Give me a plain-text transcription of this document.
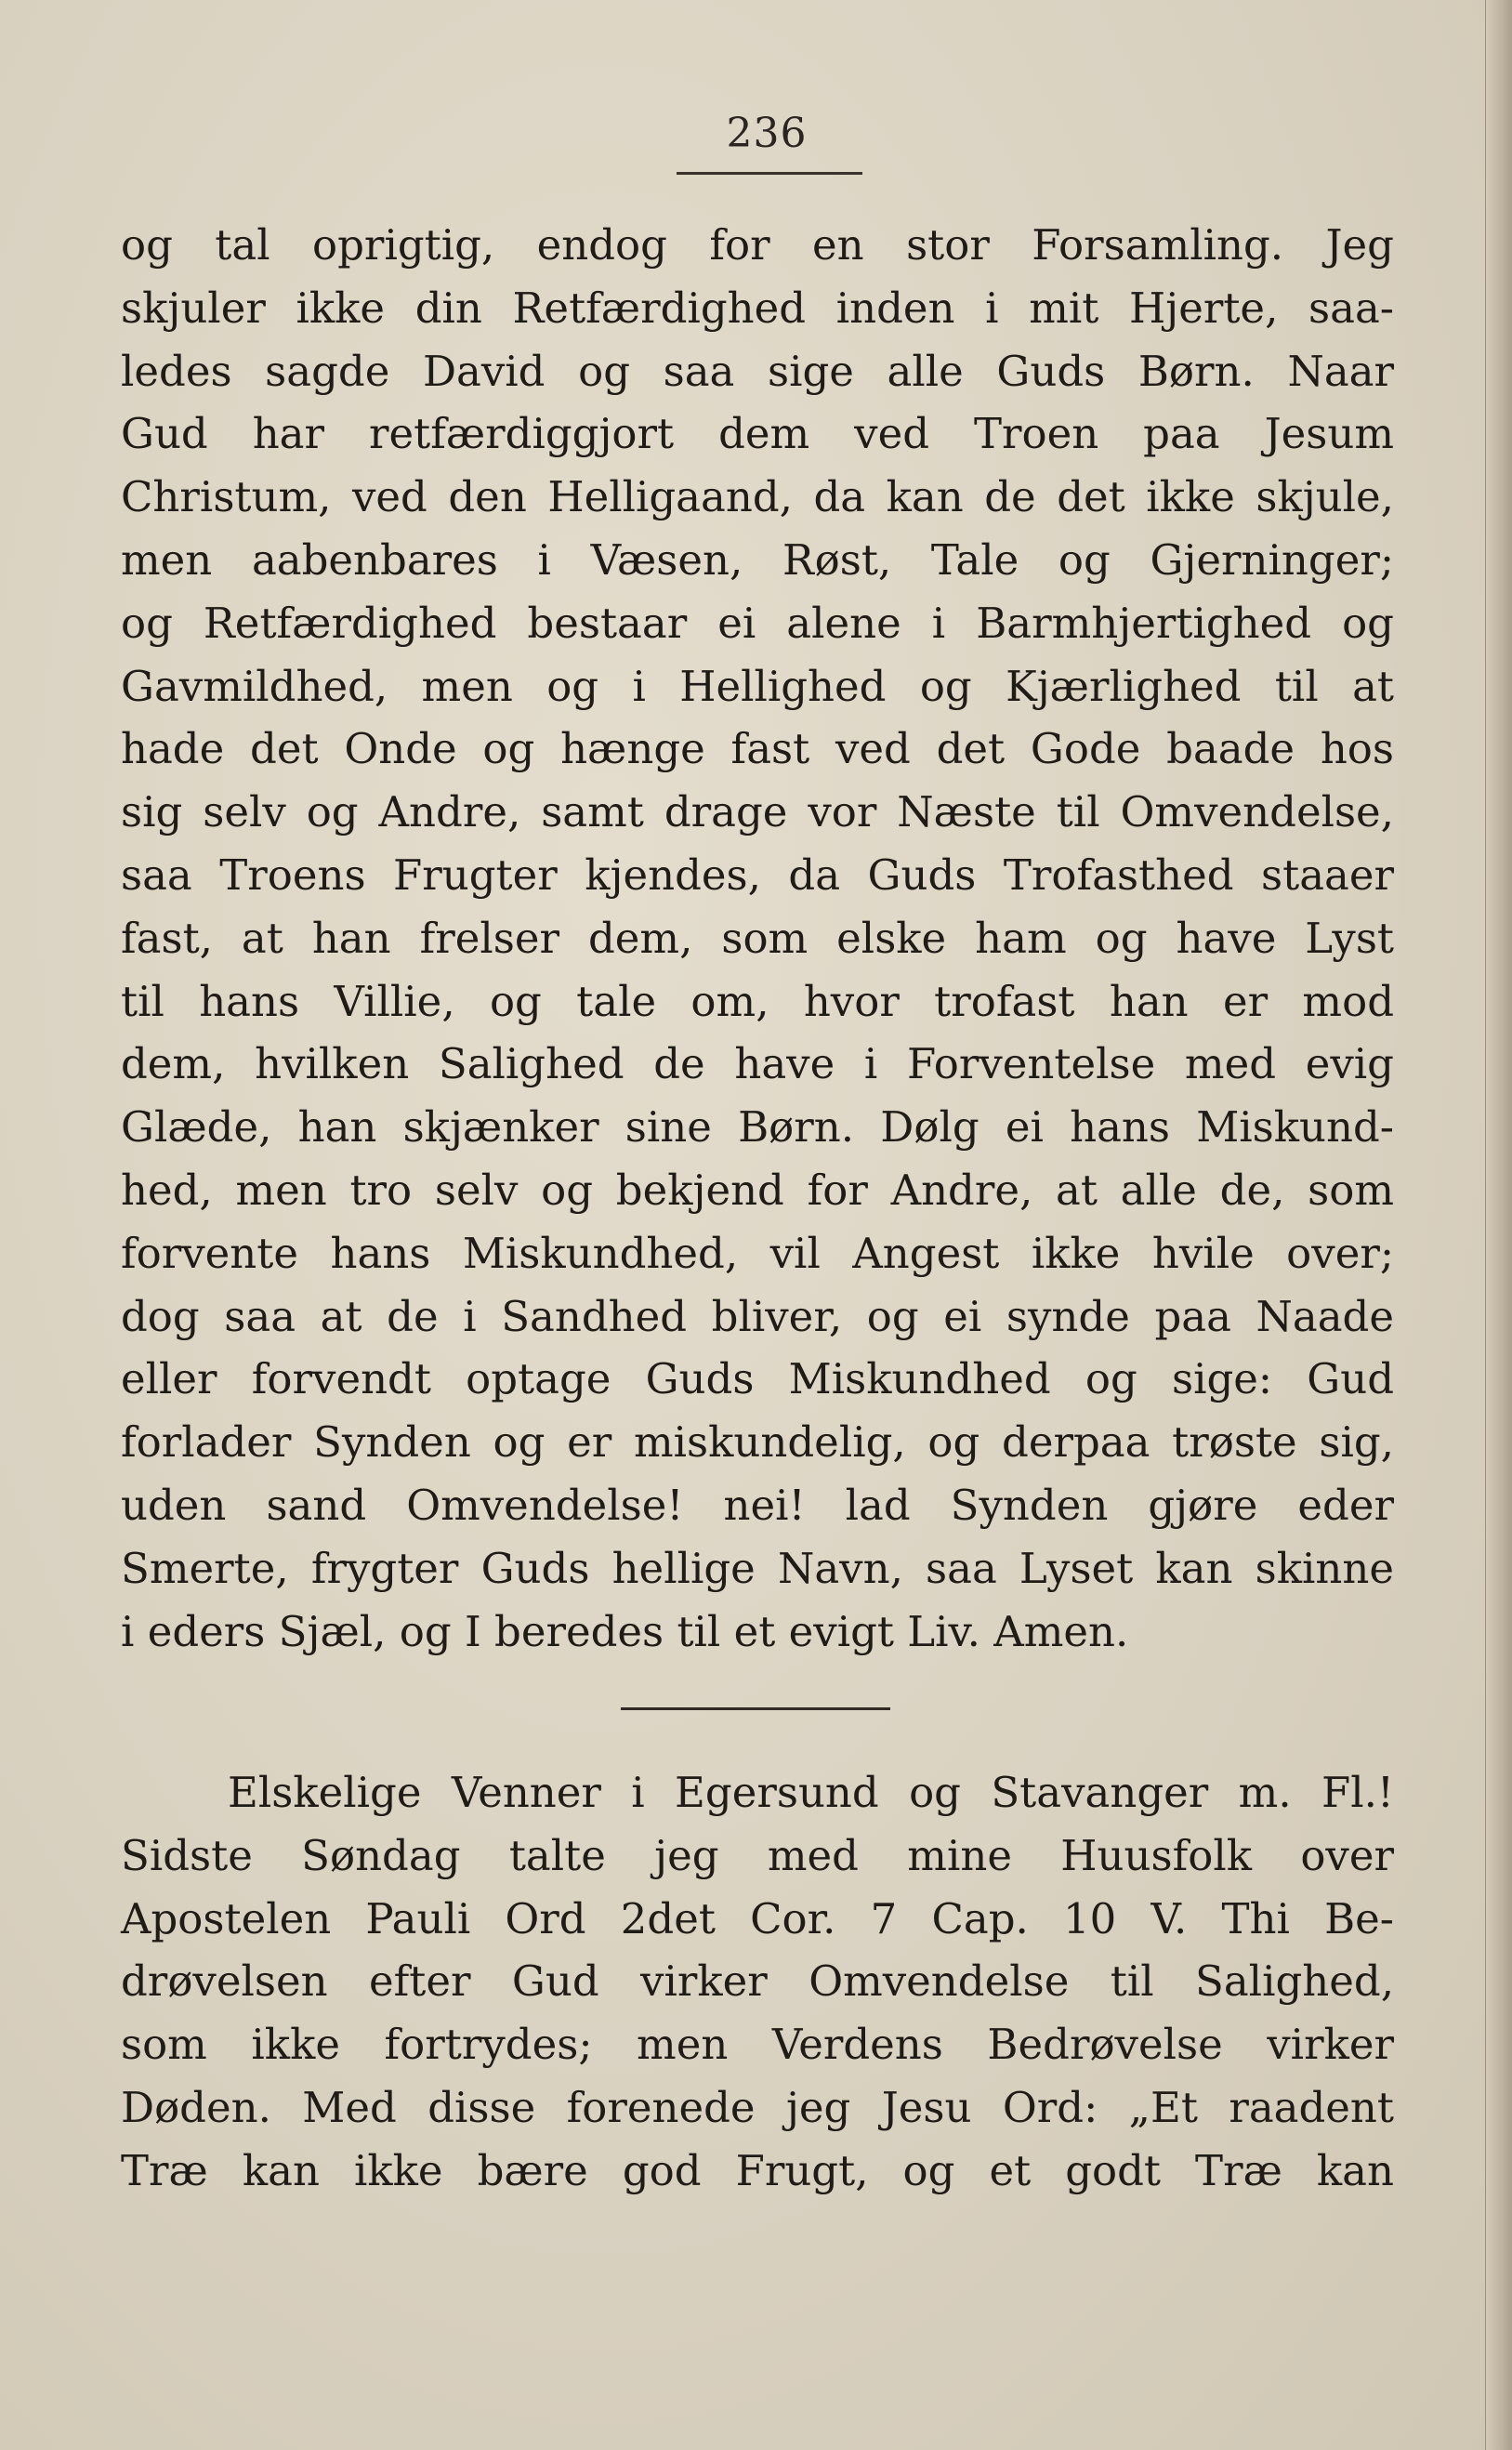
236
og tal oprigtig, endog for en stor Forsamling. Jeg
skjuler ikke din Retfærdighed inden i mit Hjerte, saa-
ledes sagde David og saa sige alle Guds Børn. Naar
Gud har retfærdiggjort dem ved Troen paa Jesum
Christum, ved den Helligaand, da kan de det ikke skjule,
men aabenbares i Væsen, Røst, Tale og Gjerninger;
og Retfærdighed bestaar ei alene i Barmhjertighed og
Gavmildhed, men og i Hellighed og Kjærlighed til at
hade det Onde og hænge fast ved det Gode baade hos
sig selv og Andre, samt drage vor Næste til Omvendelse,
saa Troens Frugter kjendes, da Guds Trofasthed staaer
fast, at han frelser dem, som elske ham og have Lyst
til hans Villie, og tale om, hvor trofast han er mod
dem, hvilken Salighed de have i Forventelse med evig
Glæde, han skjænker sine Børn. Dølg ei hans Miskund-
hed, men tro selv og bekjend for Andre, at alle de, som
forvente hans Miskundhed, vil Angest ikke hvile over;
dog saa at de i Sandhed bliver, og ei synde paa Naade
eller forvendt optage Guds Miskundhed og sige: Gud
forlader Synden og er miskundelig, og derpaa trøste sig,
uden sand Omvendelse! nei! lad Synden gjøre eder
Smerte, frygter Guds hellige Navn, saa Lyset kan skinne
i eders Sjæl, og I beredes til et evigt Liv. Amen.
Elskelige Venner i Egersund og Stavanger m. Fl.!
Sidste Søndag talte jeg med mine Huusfolk over
Apostelen Pauli Ord 2det Cor. 7 Cap. 10 V. Thi Be-
drøvelsen efter Gud virker Omvendelse til Salighed,
som ikke fortrydes; men Verdens Bedrøvelse virker
Døden. Med disse forenede jeg Jesu Ord: „Et raadent
Træ kan ikke bære god Frugt, og et godt Træ kan
